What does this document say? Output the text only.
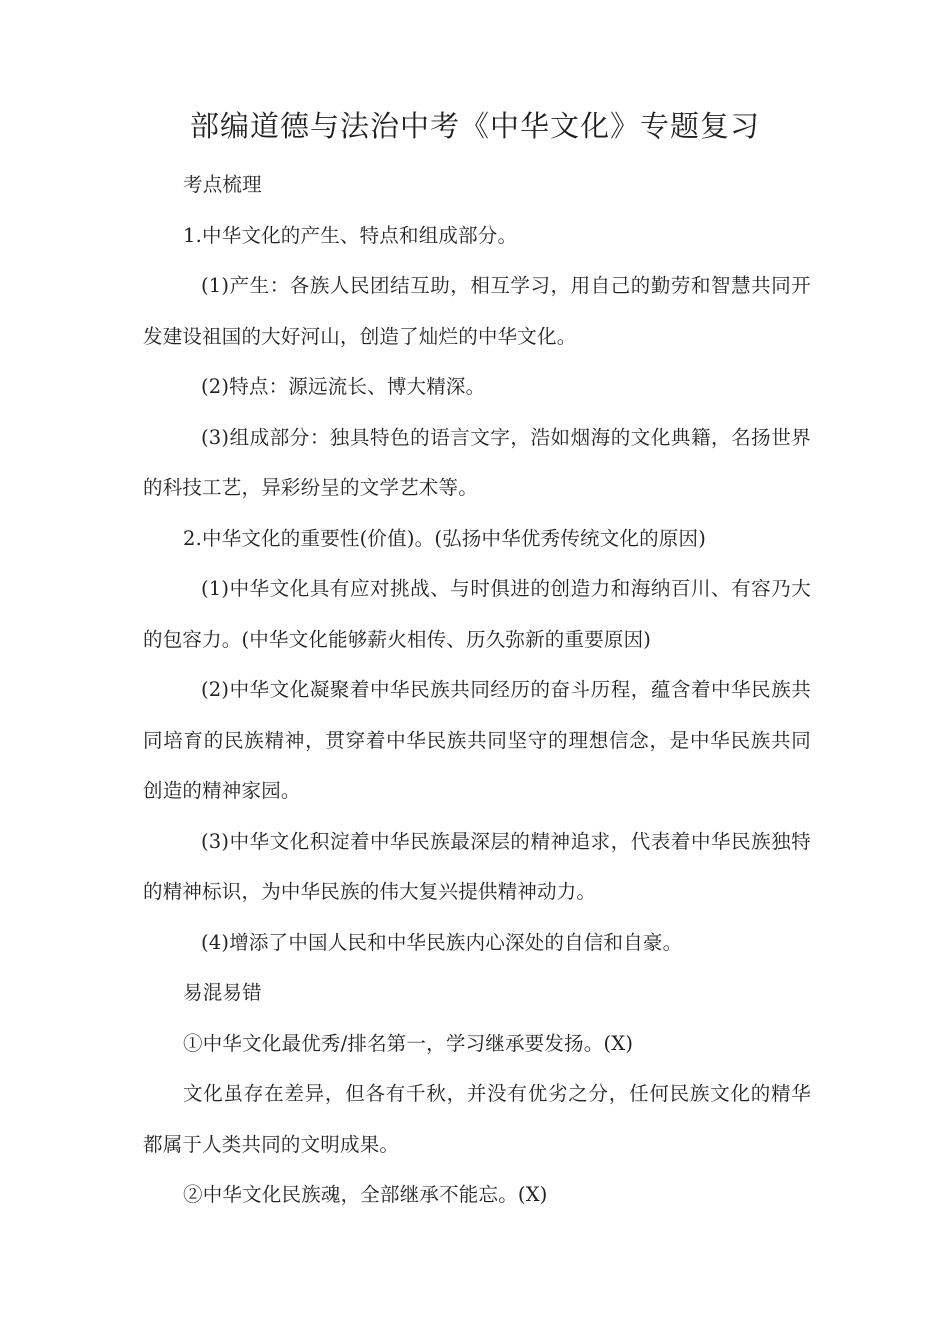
部编道德与法治中考《中华文化》专题复习

考点梳理

1.中华文化的产生、特点和组成部分。

(1)产生：各族人民团结互助，相互学习，用自己的勤劳和智慧共同开发建设祖国的大好河山，创造了灿烂的中华文化。

(2)特点：源远流长、博大精深。

(3)组成部分：独具特色的语言文字，浩如烟海的文化典籍，名扬世界的科技工艺，异彩纷呈的文学艺术等。

2.中华文化的重要性(价值)。(弘扬中华优秀传统文化的原因)

(1)中华文化具有应对挑战、与时俱进的创造力和海纳百川、有容乃大的包容力。(中华文化能够薪火相传、历久弥新的重要原因)

(2)中华文化凝聚着中华民族共同经历的奋斗历程，蕴含着中华民族共同培育的民族精神，贯穿着中华民族共同坚守的理想信念，是中华民族共同创造的精神家园。

(3)中华文化积淀着中华民族最深层的精神追求，代表着中华民族独特的精神标识，为中华民族的伟大复兴提供精神动力。

(4)增添了中国人民和中华民族内心深处的自信和自豪。

易混易错

①中华文化最优秀/排名第一，学习继承要发扬。(X)

文化虽存在差异，但各有千秋，并没有优劣之分，任何民族文化的精华都属于人类共同的文明成果。

②中华文化民族魂，全部继承不能忘。(X)
